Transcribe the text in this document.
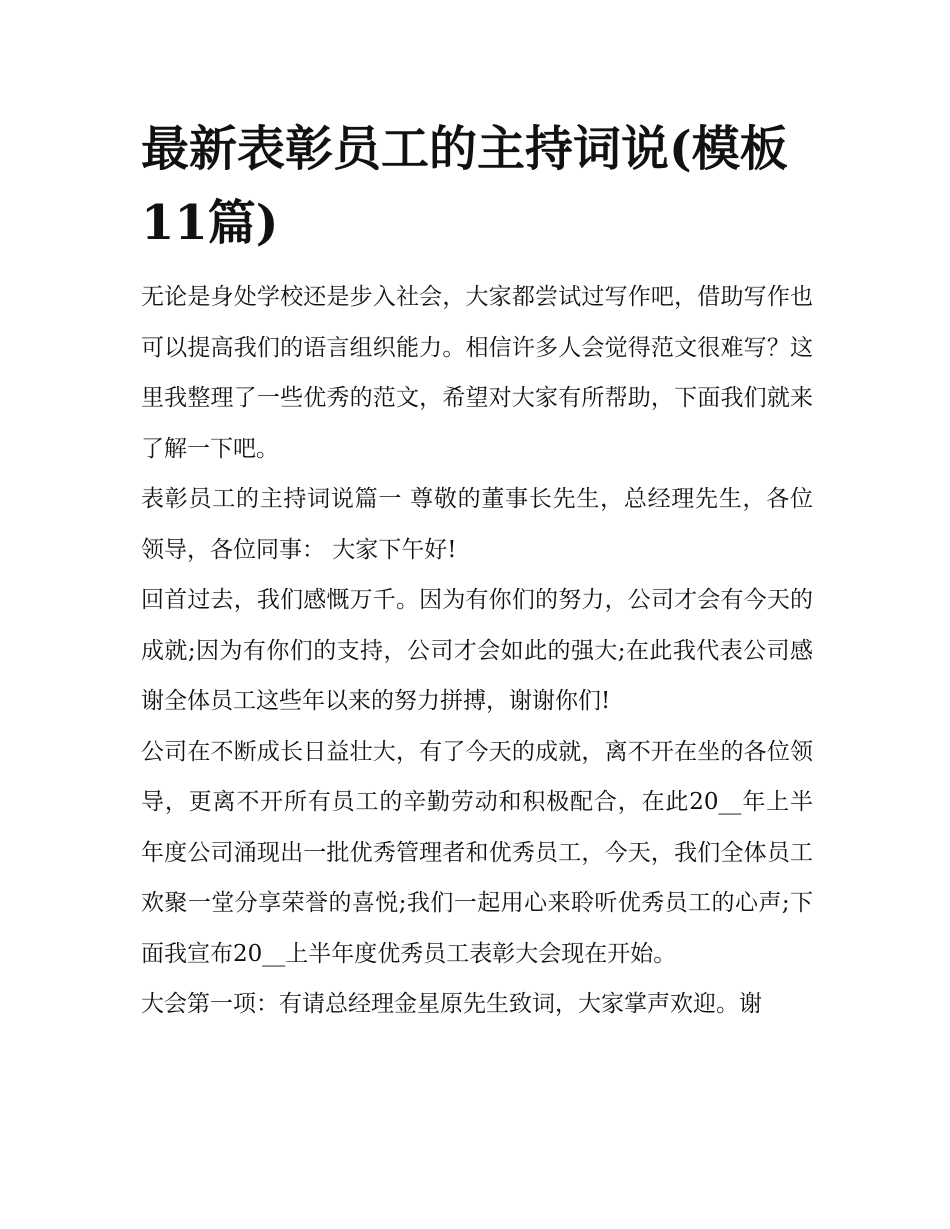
最新表彰员工的主持词说(模板11篇)

无论是身处学校还是步入社会，大家都尝试过写作吧，借助写作也可以提高我们的语言组织能力。相信许多人会觉得范文很难写？这里我整理了一些优秀的范文，希望对大家有所帮助，下面我们就来了解一下吧。

表彰员工的主持词说篇一 尊敬的董事长先生，总经理先生，各位领导，各位同事： 大家下午好!

回首过去，我们感慨万千。因为有你们的努力，公司才会有今天的成就;因为有你们的支持，公司才会如此的强大;在此我代表公司感谢全体员工这些年以来的努力拼搏，谢谢你们!

公司在不断成长日益壮大，有了今天的成就，离不开在坐的各位领导，更离不开所有员工的辛勤劳动和积极配合，在此20__年上半年度公司涌现出一批优秀管理者和优秀员工，今天，我们全体员工欢聚一堂分享荣誉的喜悦;我们一起用心来聆听优秀员工的心声;下面我宣布20__上半年度优秀员工表彰大会现在开始。

大会第一项：有请总经理金星原先生致词，大家掌声欢迎。谢
